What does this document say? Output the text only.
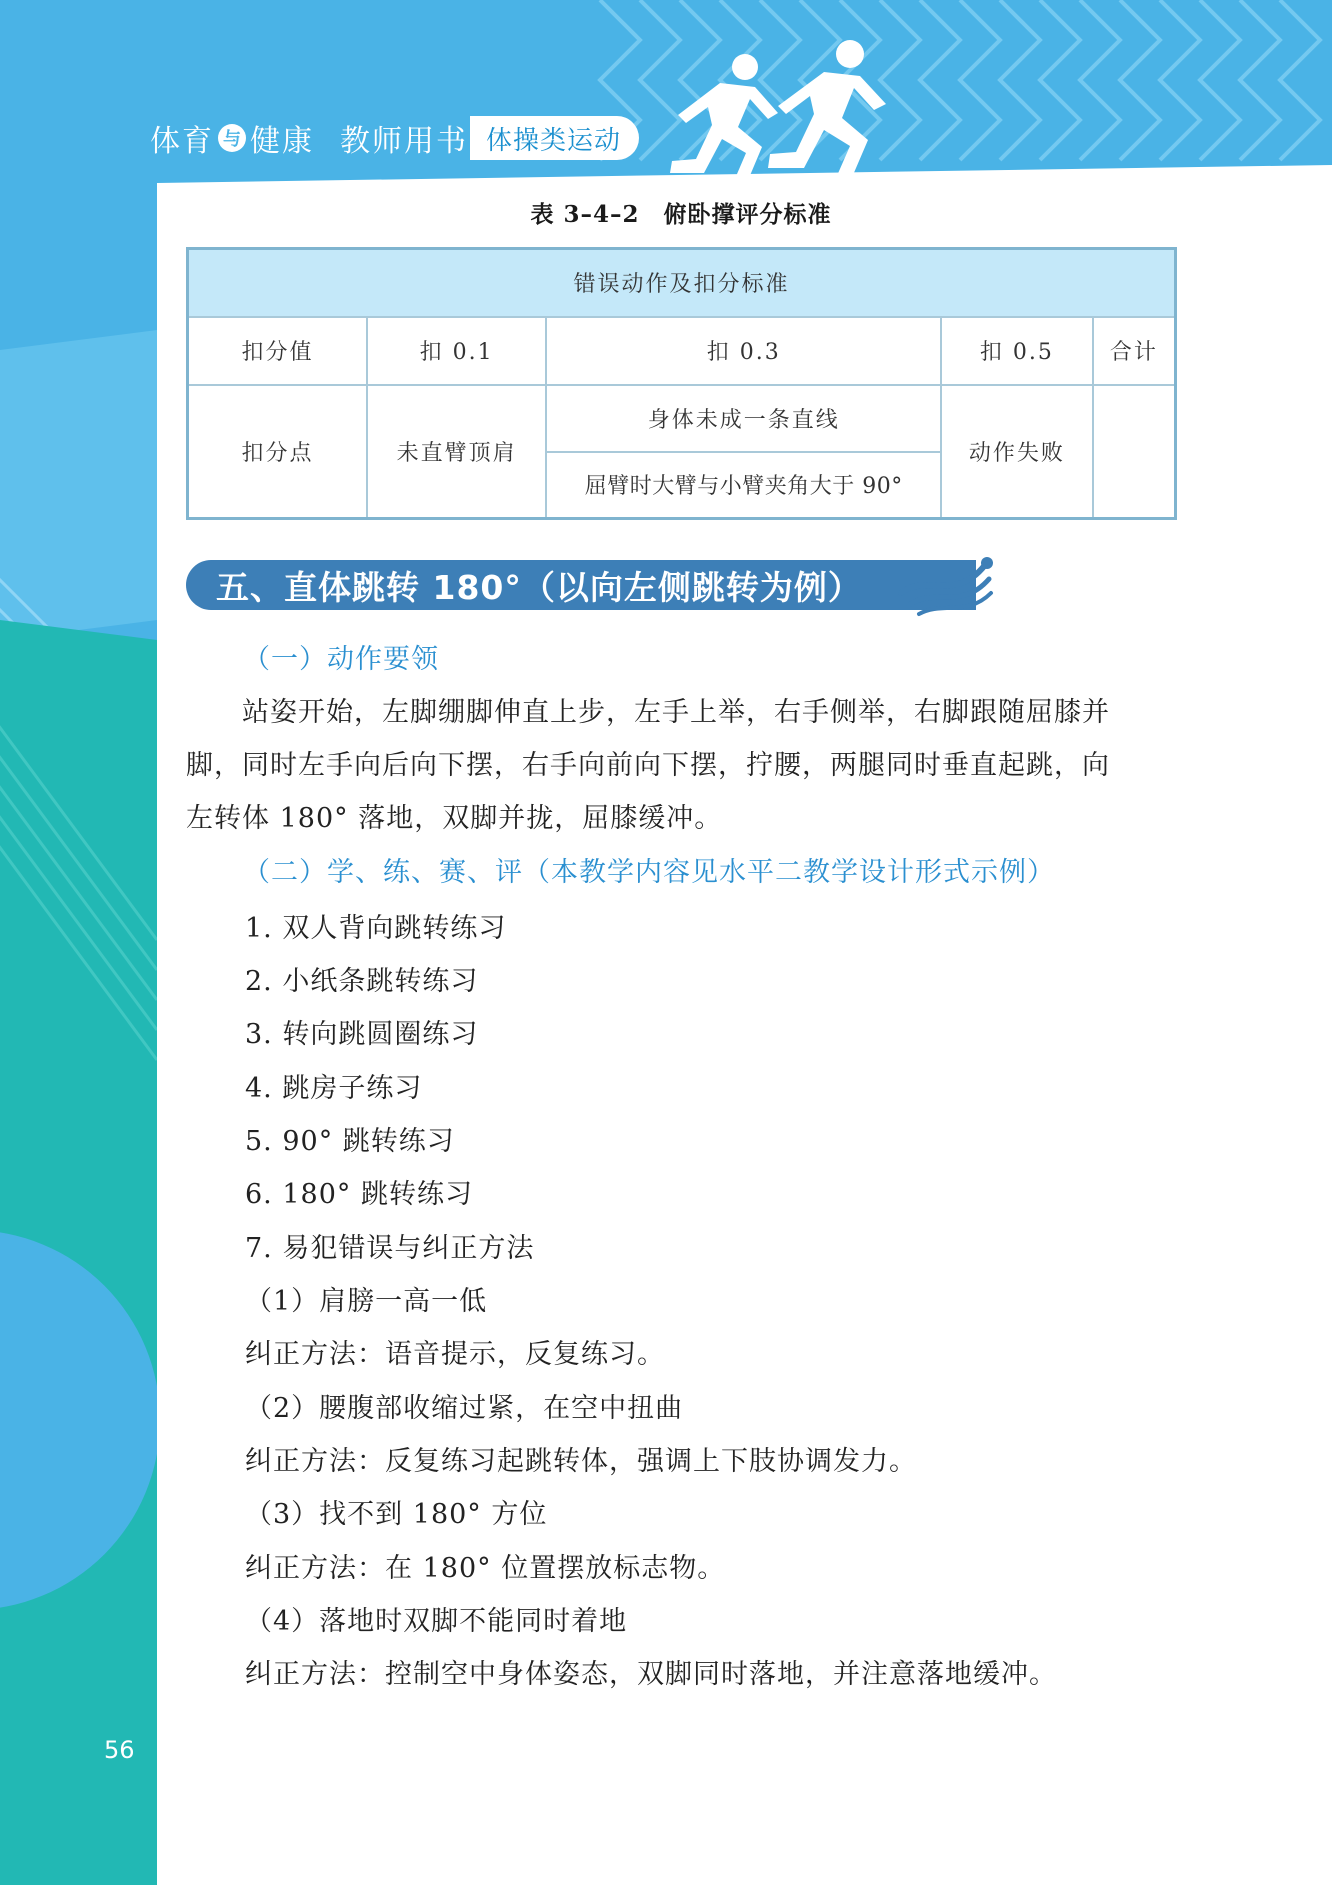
体育 与 健康 教师用书 体操类运动
表 3–4–2　俯卧撑评分标准
错误动作及扣分标准				
扣分值	扣 0.1	扣 0.3	扣 0.5	合计
扣分点	未直臂顶肩	身体未成一条直线	动作失败	
		屈臂时大臂与小臂夹角大于 90°		
五、直体跳转 180°（以向左侧跳转为例）
（一）动作要领
站姿开始，左脚绷脚伸直上步，左手上举，右手侧举，右脚跟随屈膝并
脚，同时左手向后向下摆，右手向前向下摆，拧腰，两腿同时垂直起跳，向
左转体 180° 落地，双脚并拢，屈膝缓冲。
（二）学、练、赛、评（本教学内容见水平二教学设计形式示例）
1. 双人背向跳转练习
2. 小纸条跳转练习
3. 转向跳圆圈练习
4. 跳房子练习
5. 90° 跳转练习
6. 180° 跳转练习
7. 易犯错误与纠正方法
（1）肩膀一高一低
纠正方法：语音提示，反复练习。
（2）腰腹部收缩过紧，在空中扭曲
纠正方法：反复练习起跳转体，强调上下肢协调发力。
（3）找不到 180° 方位
纠正方法：在 180° 位置摆放标志物。
（4）落地时双脚不能同时着地
纠正方法：控制空中身体姿态，双脚同时落地，并注意落地缓冲。
56
